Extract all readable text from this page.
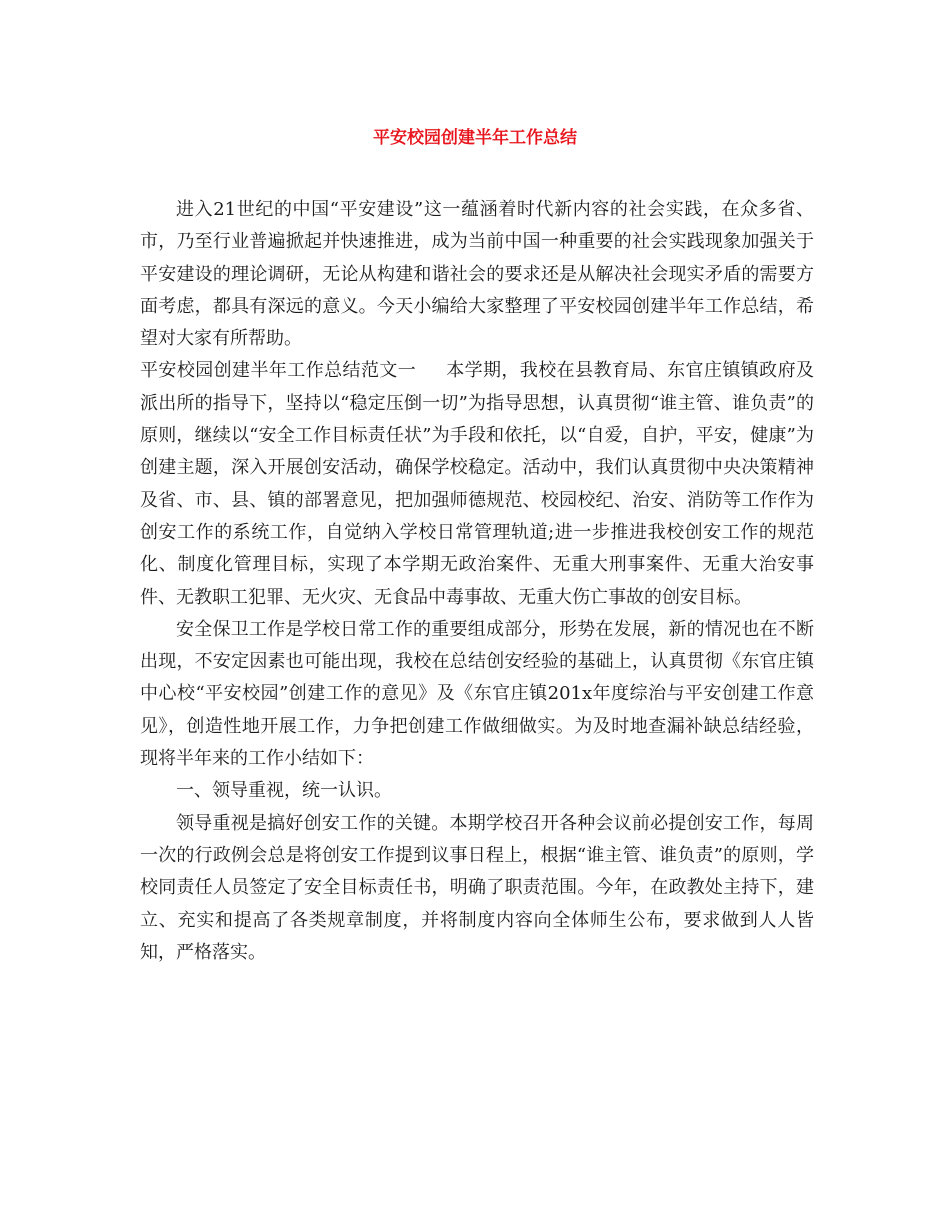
平安校园创建半年工作总结

进入21世纪的中国“平安建设”这一蕴涵着时代新内容的社会实践，在众多省、市，乃至行业普遍掀起并快速推进，成为当前中国一种重要的社会实践现象加强关于平安建设的理论调研，无论从构建和谐社会的要求还是从解决社会现实矛盾的需要方面考虑，都具有深远的意义。今天小编给大家整理了平安校园创建半年工作总结，希望对大家有所帮助。

平安校园创建半年工作总结范文一 本学期，我校在县教育局、东官庄镇镇政府及派出所的指导下，坚持以“稳定压倒一切”为指导思想，认真贯彻“谁主管、谁负责”的原则，继续以“安全工作目标责任状”为手段和依托，以“自爱，自护，平安，健康”为创建主题，深入开展创安活动，确保学校稳定。活动中，我们认真贯彻中央决策精神及省、市、县、镇的部署意见，把加强师德规范、校园校纪、治安、消防等工作作为创安工作的系统工作，自觉纳入学校日常管理轨道;进一步推进我校创安工作的规范化、制度化管理目标，实现了本学期无政治案件、无重大刑事案件、无重大治安事件、无教职工犯罪、无火灾、无食品中毒事故、无重大伤亡事故的创安目标。

安全保卫工作是学校日常工作的重要组成部分，形势在发展，新的情况也在不断出现，不安定因素也可能出现，我校在总结创安经验的基础上，认真贯彻《东官庄镇中心校“平安校园”创建工作的意见》及《东官庄镇201x年度综治与平安创建工作意见》，创造性地开展工作，力争把创建工作做细做实。为及时地查漏补缺总结经验，现将半年来的工作小结如下：

一、领导重视，统一认识。

领导重视是搞好创安工作的关键。本期学校召开各种会议前必提创安工作，每周一次的行政例会总是将创安工作提到议事日程上，根据“谁主管、谁负责”的原则，学校同责任人员签定了安全目标责任书，明确了职责范围。今年，在政教处主持下，建立、充实和提高了各类规章制度，并将制度内容向全体师生公布，要求做到人人皆知，严格落实。
